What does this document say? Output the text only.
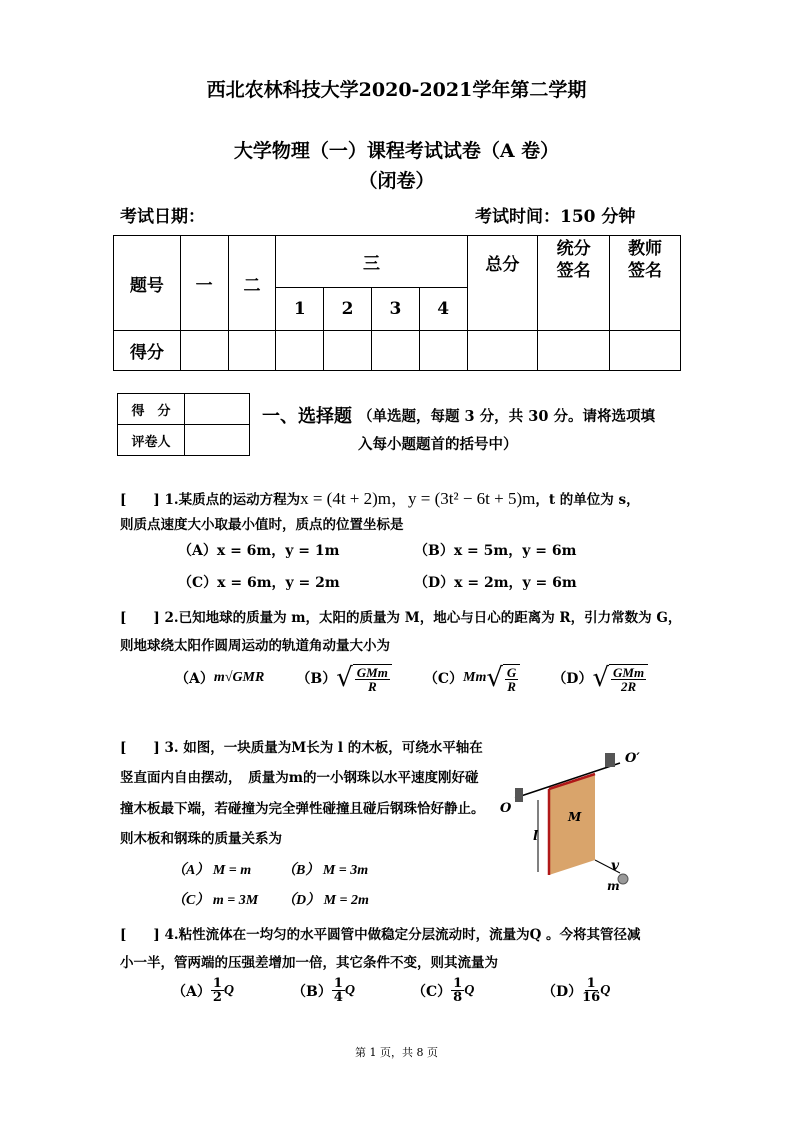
西北农林科技大学2020-2021学年第二学期
大学物理（一）课程考试试卷（A 卷）
（闭卷）
考试日期：	考试时间：150 分钟
题号	一	二	三				总分	统分签名	教师签名
			1	2	3	4			
得分									
得　分	
评卷人	
一、选择题 （单选题，每题 3 分，共 30 分。请将选项填
入每小题题首的括号中）
[　　] 1.某质点的运动方程为x = (4t + 2)m，y = (3t² − 6t + 5)m，t 的单位为 s，
则质点速度大小取最小值时，质点的位置坐标是
（A）x = 6m，y = 1m	（B）x = 5m，y = 6m
（C）x = 6m，y = 2m	（D）x = 2m，y = 6m
[　　] 2.已知地球的质量为 m，太阳的质量为 M，地心与日心的距离为 R，引力常数为 G，
则地球绕太阳作圆周运动的轨道角动量大小为
（A） m√GMR （B） √ $\frac{\text{GMm}}{R} (C)$ Mm √ $\frac{G}{R} (D)$ √ $\frac{\text{GMm}}{2R}$
[　　] 3. 如图，一块质量为M长为 l 的木板，可绕水平轴在
竖直面内自由摆动，　质量为m的一小钢珠以水平速度刚好碰
撞木板最下端，若碰撞为完全弹性碰撞且碰后钢珠恰好静止。
则木板和钢珠的质量关系为
（A） M = m （B） M = 3m
（C） m = 3M （D） M = 2m
O
O′
M
l
v
m
[　　] 4.粘性流体在一均匀的水平圆管中做稳定分层流动时，流量为Q 。今将其管径减
小一半，管两端的压强差增加一倍，其它条件不变，则其流量为
$(A) \frac{1}{2}$ Q	$(B) \frac{1}{4}$ Q	$(C) \frac{1}{8}$ Q	$(D) \frac{1}{16}$ Q
第 1 页，共 8 页
